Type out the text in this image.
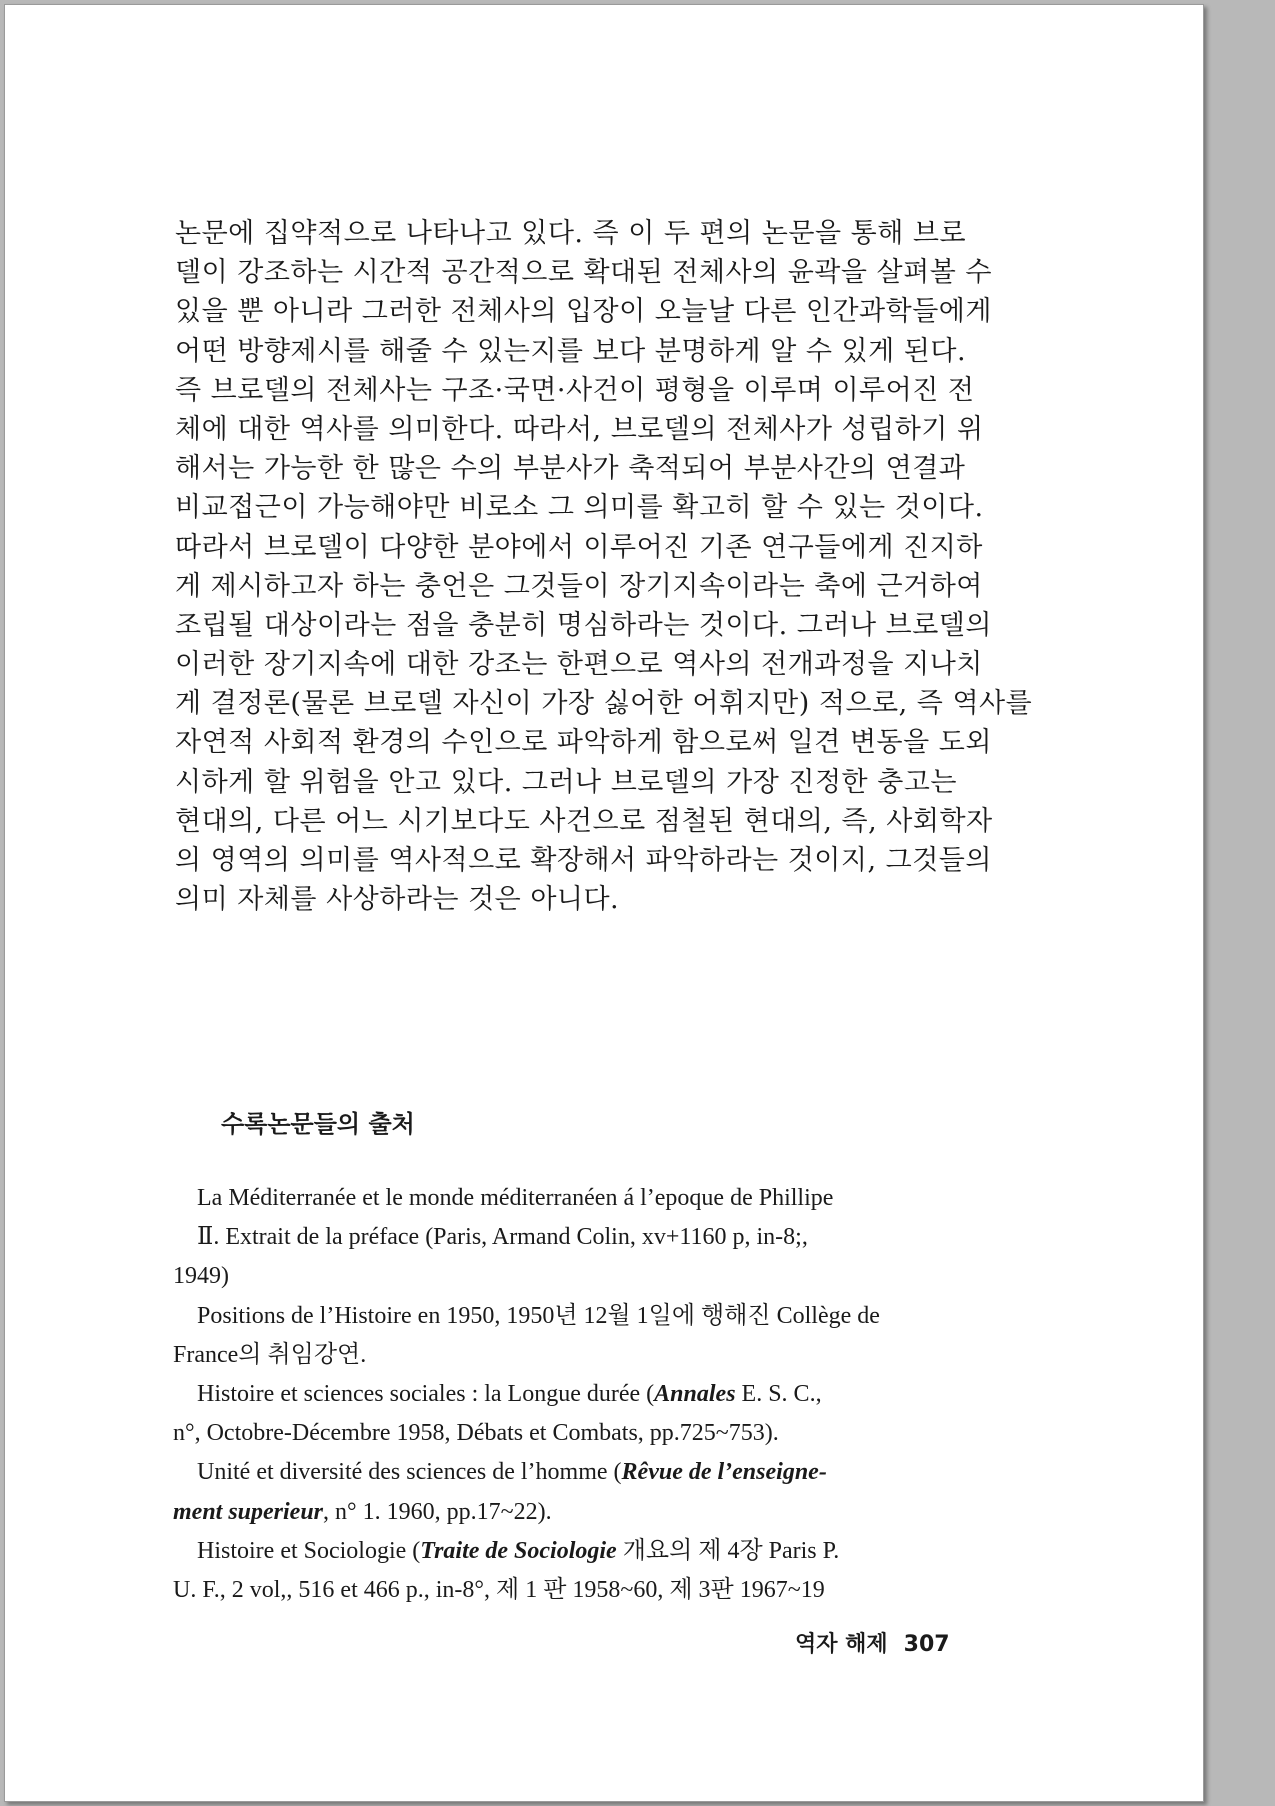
논문에 집약적으로 나타나고 있다. 즉 이 두 편의 논문을 통해 브로
델이 강조하는 시간적 공간적으로 확대된 전체사의 윤곽을 살펴볼 수
있을 뿐 아니라 그러한 전체사의 입장이 오늘날 다른 인간과학들에게
어떤 방향제시를 해줄 수 있는지를 보다 분명하게 알 수 있게 된다.
즉 브로델의 전체사는 구조·국면·사건이 평형을 이루며 이루어진 전
체에 대한 역사를 의미한다. 따라서, 브로델의 전체사가 성립하기 위
해서는 가능한 한 많은 수의 부분사가 축적되어 부분사간의 연결과
비교접근이 가능해야만 비로소 그 의미를 확고히 할 수 있는 것이다.
따라서 브로델이 다양한 분야에서 이루어진 기존 연구들에게 진지하
게 제시하고자 하는 충언은 그것들이 장기지속이라는 축에 근거하여
조립될 대상이라는 점을 충분히 명심하라는 것이다. 그러나 브로델의
이러한 장기지속에 대한 강조는 한편으로 역사의 전개과정을 지나치
게 결정론(물론 브로델 자신이 가장 싫어한 어휘지만) 적으로, 즉 역사를
자연적 사회적 환경의 수인으로 파악하게 함으로써 일견 변동을 도외
시하게 할 위험을 안고 있다. 그러나 브로델의 가장 진정한 충고는
현대의, 다른 어느 시기보다도 사건으로 점철된 현대의, 즉, 사회학자
의 영역의 의미를 역사적으로 확장해서 파악하라는 것이지, 그것들의
의미 자체를 사상하라는 것은 아니다.
수록논문들의 출처
La Méditerranée et le monde méditerranéen á l’epoque de Phillipe
Ⅱ. Extrait de la préface (Paris, Armand Colin, xv+1160 p, in-8;,
1949)
Positions de l’Histoire en 1950, 1950년 12월 1일에 행해진 Collège de
France의 취임강연.
Histoire et sciences sociales : la Longue durée (Annales E. S. C.,
n°, Octobre-Décembre 1958, Débats et Combats, pp.725~753).
Unité et diversité des sciences de l’homme (Rêvue de l’enseigne-
ment superieur, n° 1. 1960, pp.17~22).
Histoire et Sociologie (Traite de Sociologie 개요의 제 4장 Paris P.
U. F., 2 vol,, 516 et 466 p., in-8°, 제 1 판 1958~60, 제 3판 1967~19
역자 해제 307
